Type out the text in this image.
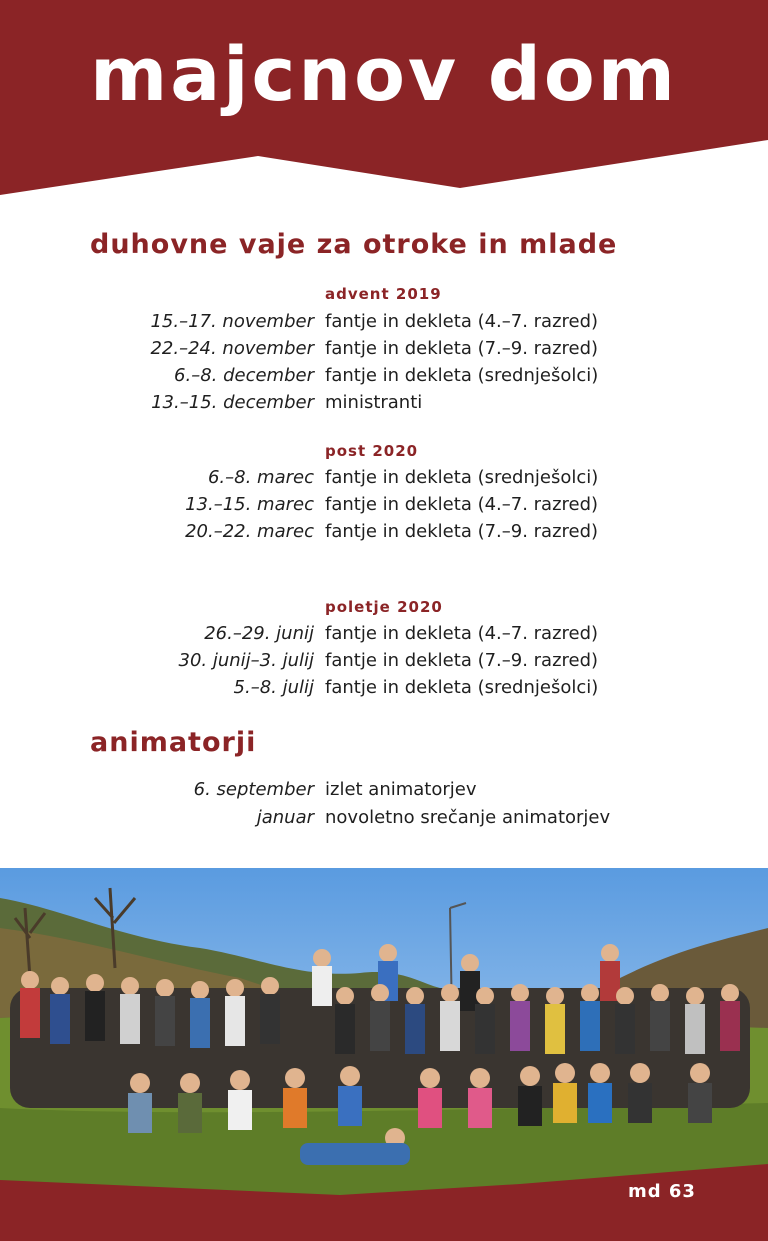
majcnov dom
duhovne vaje za otroke in mlade
advent 2019
15.–17. november fantje in dekleta (4.–7. razred)
22.–24. november fantje in dekleta (7.–9. razred)
6.–8. december fantje in dekleta (srednješolci)
13.–15. december ministranti
post 2020
6.–8. marec fantje in dekleta (srednješolci)
13.–15. marec fantje in dekleta (4.–7. razred)
20.–22. marec fantje in dekleta (7.–9. razred)
poletje 2020
26.–29. junij fantje in dekleta (4.–7. razred)
30. junij–3. julij fantje in dekleta (7.–9. razred)
5.–8. julij fantje in dekleta (srednješolci)
animatorji
6. september izlet animatorjev
januar novoletno srečanje animatorjev
md 63
